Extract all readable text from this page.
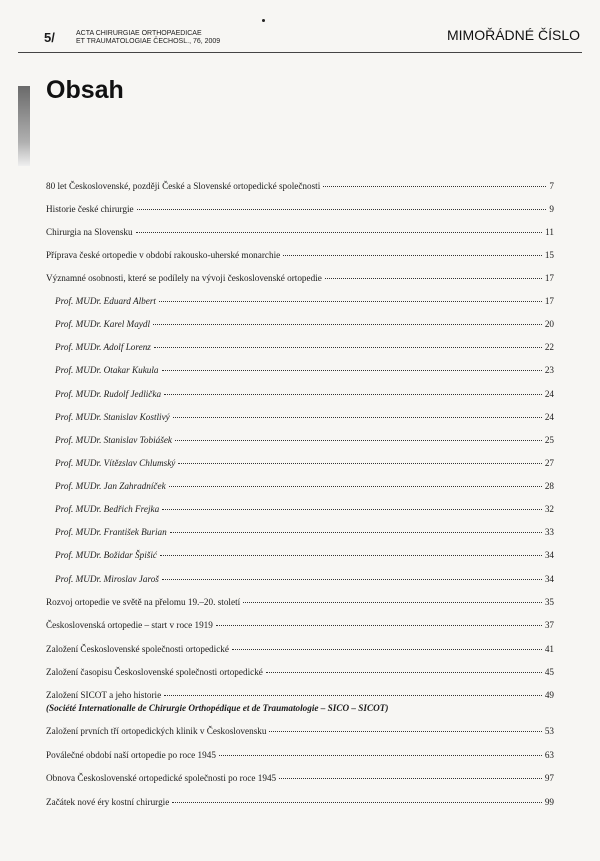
5/	ACTA CHIRURGIAE ORTHOPAEDICAE
ET TRAUMATOLOGIAE ČECHOSL., 76, 2009	MIMOŘÁDNÉ ČÍSLO
Obsah
80 let Československé, později České a Slovenské ortopedické společnosti	7
Historie české chirurgie	9
Chirurgia na Slovensku	11
Příprava české ortopedie v období rakousko-uherské monarchie	15
Významné osobnosti, které se podílely na vývoji československé ortopedie	17
Prof. MUDr. Eduard Albert	17
Prof. MUDr. Karel Maydl	20
Prof. MUDr. Adolf Lorenz	22
Prof. MUDr. Otakar Kukula	23
Prof. MUDr. Rudolf Jedlička	24
Prof. MUDr. Stanislav Kostlivý	24
Prof. MUDr. Stanislav Tobiášek	25
Prof. MUDr. Vítězslav Chlumský	27
Prof. MUDr. Jan Zahradníček	28
Prof. MUDr. Bedřich Frejka	32
Prof. MUDr. František Burian	33
Prof. MUDr. Božidar Špišić	34
Prof. MUDr. Miroslav Jaroš	34
Rozvoj ortopedie ve světě na přelomu 19.–20. století	35
Československá ortopedie – start v roce 1919	37
Založení Československé společnosti ortopedické	41
Založení časopisu Československé společnosti ortopedické	45
Založení SICOT a jeho historie	49
(Société Internationalle de Chirurgie Orthopédique et de Traumatologie – SICO – SICOT)
Založení prvních tří ortopedických klinik v Československu	53
Poválečné období naší ortopedie po roce 1945	63
Obnova Československé ortopedické společnosti po roce 1945	97
Začátek nové éry kostní chirurgie	99
